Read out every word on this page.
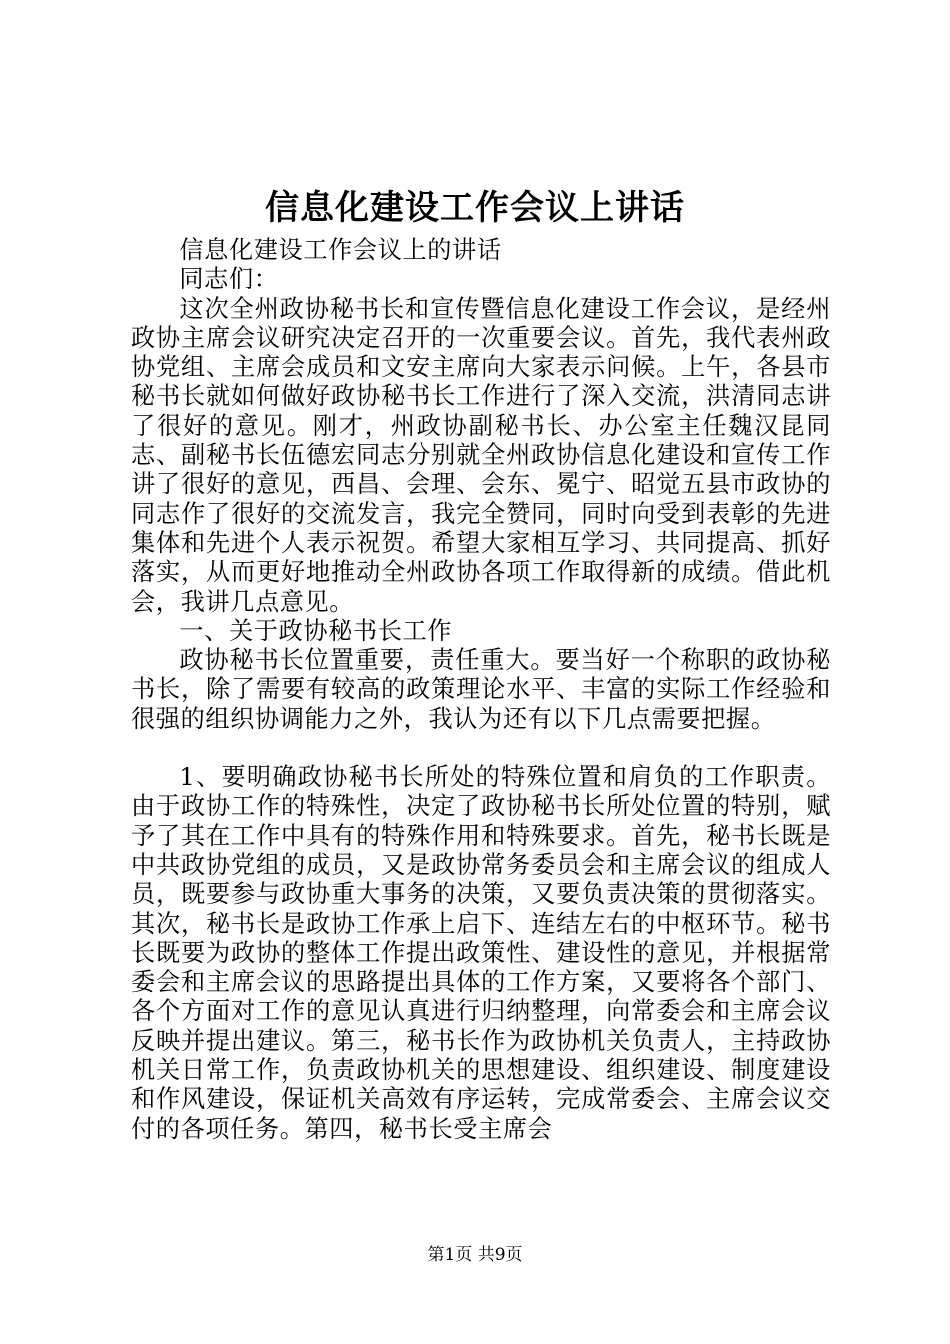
信息化建设工作会议上讲话

信息化建设工作会议上的讲话

同志们：

这次全州政协秘书长和宣传暨信息化建设工作会议，是经州政协主席会议研究决定召开的一次重要会议。首先，我代表州政协党组、主席会成员和文安主席向大家表示问候。上午，各县市秘书长就如何做好政协秘书长工作进行了深入交流，洪清同志讲了很好的意见。刚才，州政协副秘书长、办公室主任魏汉昆同志、副秘书长伍德宏同志分别就全州政协信息化建设和宣传工作讲了很好的意见，西昌、会理、会东、冕宁、昭觉五县市政协的同志作了很好的交流发言，我完全赞同，同时向受到表彰的先进集体和先进个人表示祝贺。希望大家相互学习、共同提高、抓好落实，从而更好地推动全州政协各项工作取得新的成绩。借此机会，我讲几点意见。

一、关于政协秘书长工作

政协秘书长位置重要，责任重大。要当好一个称职的政协秘书长，除了需要有较高的政策理论水平、丰富的实际工作经验和很强的组织协调能力之外，我认为还有以下几点需要把握。

1、要明确政协秘书长所处的特殊位置和肩负的工作职责。由于政协工作的特殊性，决定了政协秘书长所处位置的特别，赋予了其在工作中具有的特殊作用和特殊要求。首先，秘书长既是中共政协党组的成员，又是政协常务委员会和主席会议的组成人员，既要参与政协重大事务的决策，又要负责决策的贯彻落实。其次，秘书长是政协工作承上启下、连结左右的中枢环节。秘书长既要为政协的整体工作提出政策性、建设性的意见，并根据常委会和主席会议的思路提出具体的工作方案，又要将各个部门、各个方面对工作的意见认真进行归纳整理，向常委会和主席会议反映并提出建议。第三，秘书长作为政协机关负责人，主持政协机关日常工作，负责政协机关的思想建设、组织建设、制度建设和作风建设，保证机关高效有序运转，完成常委会、主席会议交付的各项任务。第四，秘书长受主席会

第1页 共9页
